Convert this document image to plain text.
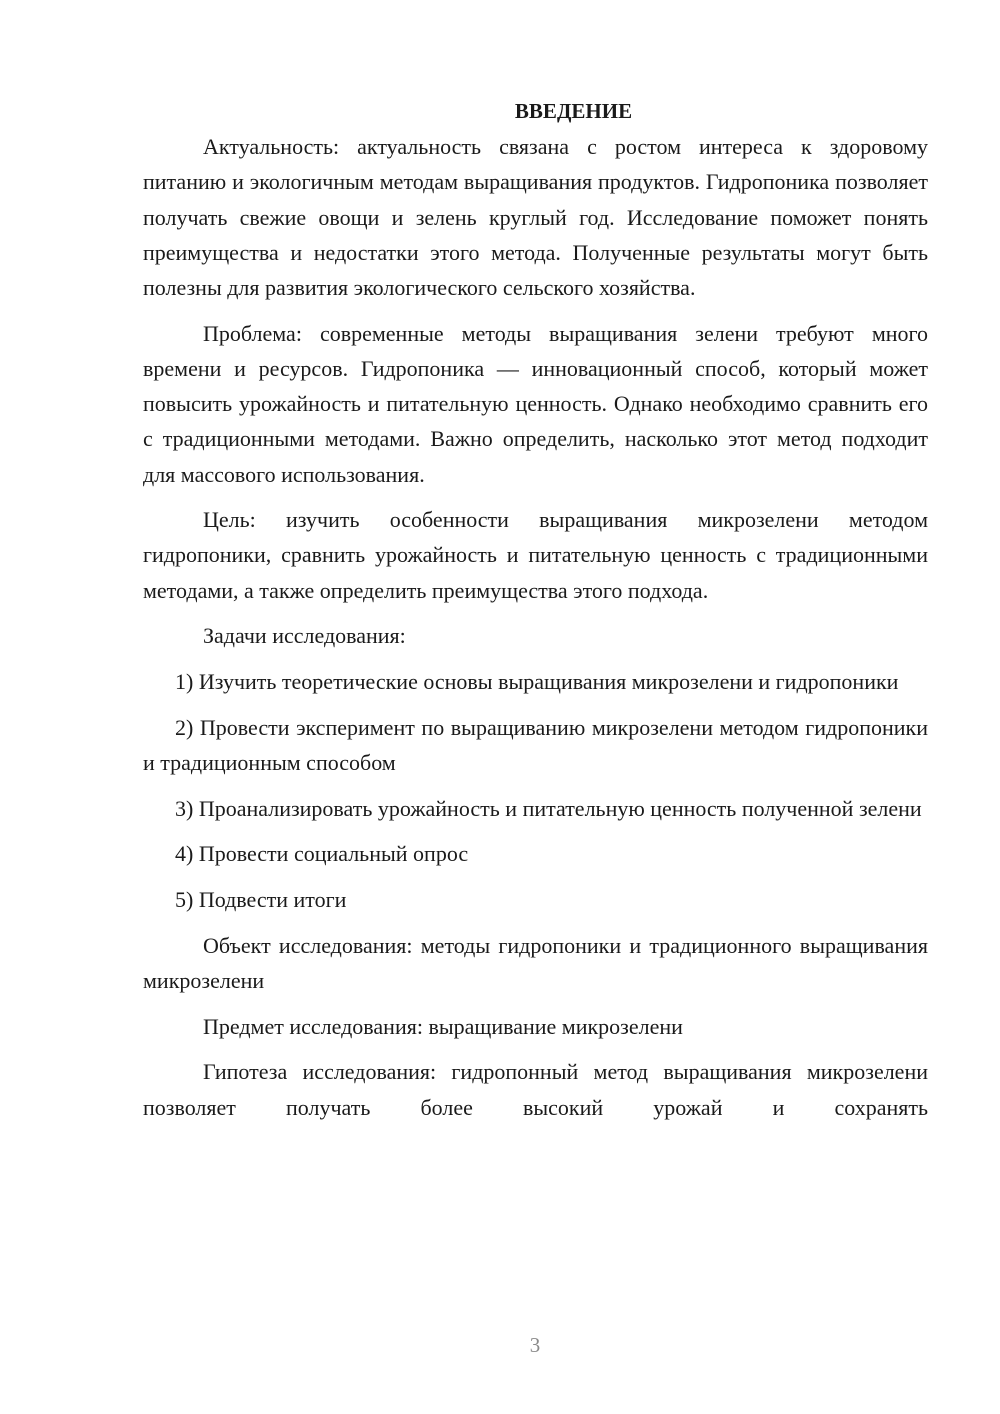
ВВЕДЕНИЕ

Актуальность: актуальность связана с ростом интереса к здоровому питанию и экологичным методам выращивания продуктов. Гидропоника позволяет получать свежие овощи и зелень круглый год. Исследование поможет понять преимущества и недостатки этого метода. Полученные результаты могут быть полезны для развития экологического сельского хозяйства.

Проблема: современные методы выращивания зелени требуют много времени и ресурсов. Гидропоника — инновационный способ, который может повысить урожайность и питательную ценность. Однако необходимо сравнить его с традиционными методами. Важно определить, насколько этот метод подходит для массового использования.

Цель: изучить особенности выращивания микрозелени методом гидропоники, сравнить урожайность и питательную ценность с традиционными методами, а также определить преимущества этого подхода.

Задачи исследования:

1) Изучить теоретические основы выращивания микрозелени и гидропоники

2) Провести эксперимент по выращиванию микрозелени методом гидропоники и традиционным способом

3) Проанализировать урожайность и питательную ценность полученной зелени

4) Провести социальный опрос

5) Подвести итоги

Объект исследования: методы гидропоники и традиционного выращивания микрозелени

Предмет исследования: выращивание микрозелени

Гипотеза исследования: гидропонный метод выращивания микрозелени позволяет получать более высокий урожай и сохранять

3
